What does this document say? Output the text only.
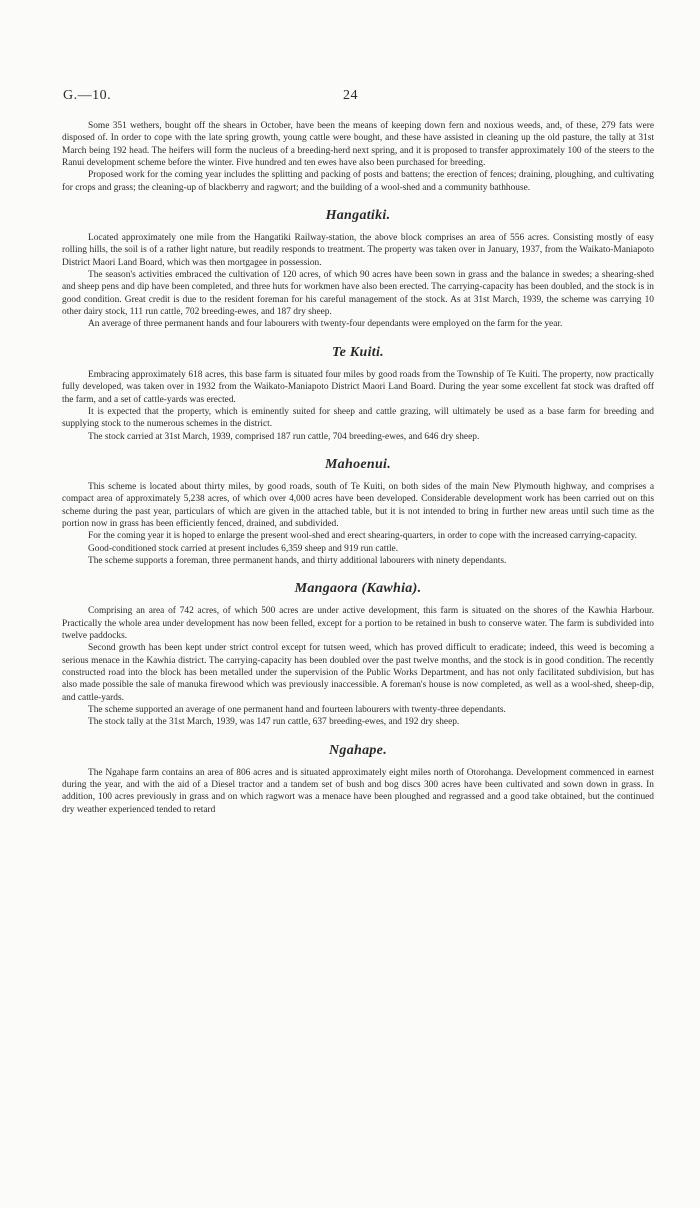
G.—10.	24

Some 351 wethers, bought off the shears in October, have been the means of keeping down fern and noxious weeds, and, of these, 279 fats were disposed of. In order to cope with the late spring growth, young cattle were bought, and these have assisted in cleaning up the old pasture, the tally at 31st March being 192 head. The heifers will form the nucleus of a breeding-herd next spring, and it is proposed to transfer approximately 100 of the steers to the Ranui development scheme before the winter. Five hundred and ten ewes have also been purchased for breeding.

Proposed work for the coming year includes the splitting and packing of posts and battens; the erection of fences; draining, ploughing, and cultivating for crops and grass; the cleaning-up of blackberry and ragwort; and the building of a wool-shed and a community bathhouse.

Hangatiki.

Located approximately one mile from the Hangatiki Railway-station, the above block comprises an area of 556 acres. Consisting mostly of easy rolling hills, the soil is of a rather light nature, but readily responds to treatment. The property was taken over in January, 1937, from the Waikato-Maniapoto District Maori Land Board, which was then mortgagee in possession.

The season's activities embraced the cultivation of 120 acres, of which 90 acres have been sown in grass and the balance in swedes; a shearing-shed and sheep pens and dip have been completed, and three huts for workmen have also been erected. The carrying-capacity has been doubled, and the stock is in good condition. Great credit is due to the resident foreman for his careful management of the stock. As at 31st March, 1939, the scheme was carrying 10 other dairy stock, 111 run cattle, 702 breeding-ewes, and 187 dry sheep.

An average of three permanent hands and four labourers with twenty-four dependants were employed on the farm for the year.

Te Kuiti.

Embracing approximately 618 acres, this base farm is situated four miles by good roads from the Township of Te Kuiti. The property, now practically fully developed, was taken over in 1932 from the Waikato-Maniapoto District Maori Land Board. During the year some excellent fat stock was drafted off the farm, and a set of cattle-yards was erected.

It is expected that the property, which is eminently suited for sheep and cattle grazing, will ultimately be used as a base farm for breeding and supplying stock to the numerous schemes in the district.

The stock carried at 31st March, 1939, comprised 187 run cattle, 704 breeding-ewes, and 646 dry sheep.

Mahoenui.

This scheme is located about thirty miles, by good roads, south of Te Kuiti, on both sides of the main New Plymouth highway, and comprises a compact area of approximately 5,238 acres, of which over 4,000 acres have been developed. Considerable development work has been carried out on this scheme during the past year, particulars of which are given in the attached table, but it is not intended to bring in further new areas until such time as the portion now in grass has been efficiently fenced, drained, and subdivided.

For the coming year it is hoped to enlarge the present wool-shed and erect shearing-quarters, in order to cope with the increased carrying-capacity.

Good-conditioned stock carried at present includes 6,359 sheep and 919 run cattle.

The scheme supports a foreman, three permanent hands, and thirty additional labourers with ninety dependants.

Mangaora (Kawhia).

Comprising an area of 742 acres, of which 500 acres are under active development, this farm is situated on the shores of the Kawhia Harbour. Practically the whole area under development has now been felled, except for a portion to be retained in bush to conserve water. The farm is subdivided into twelve paddocks.

Second growth has been kept under strict control except for tutsen weed, which has proved difficult to eradicate; indeed, this weed is becoming a serious menace in the Kawhia district. The carrying-capacity has been doubled over the past twelve months, and the stock is in good condition. The recently constructed road into the block has been metalled under the supervision of the Public Works Department, and has not only facilitated subdivision, but has also made possible the sale of manuka firewood which was previously inaccessible. A foreman's house is now completed, as well as a wool-shed, sheep-dip, and cattle-yards.

The scheme supported an average of one permanent hand and fourteen labourers with twenty-three dependants.

The stock tally at the 31st March, 1939, was 147 run cattle, 637 breeding-ewes, and 192 dry sheep.

Ngahape.

The Ngahape farm contains an area of 806 acres and is situated approximately eight miles north of Otorohanga. Development commenced in earnest during the year, and with the aid of a Diesel tractor and a tandem set of bush and bog discs 300 acres have been cultivated and sown down in grass. In addition, 100 acres previously in grass and on which ragwort was a menace have been ploughed and regrassed and a good take obtained, but the continued dry weather experienced tended to retard
